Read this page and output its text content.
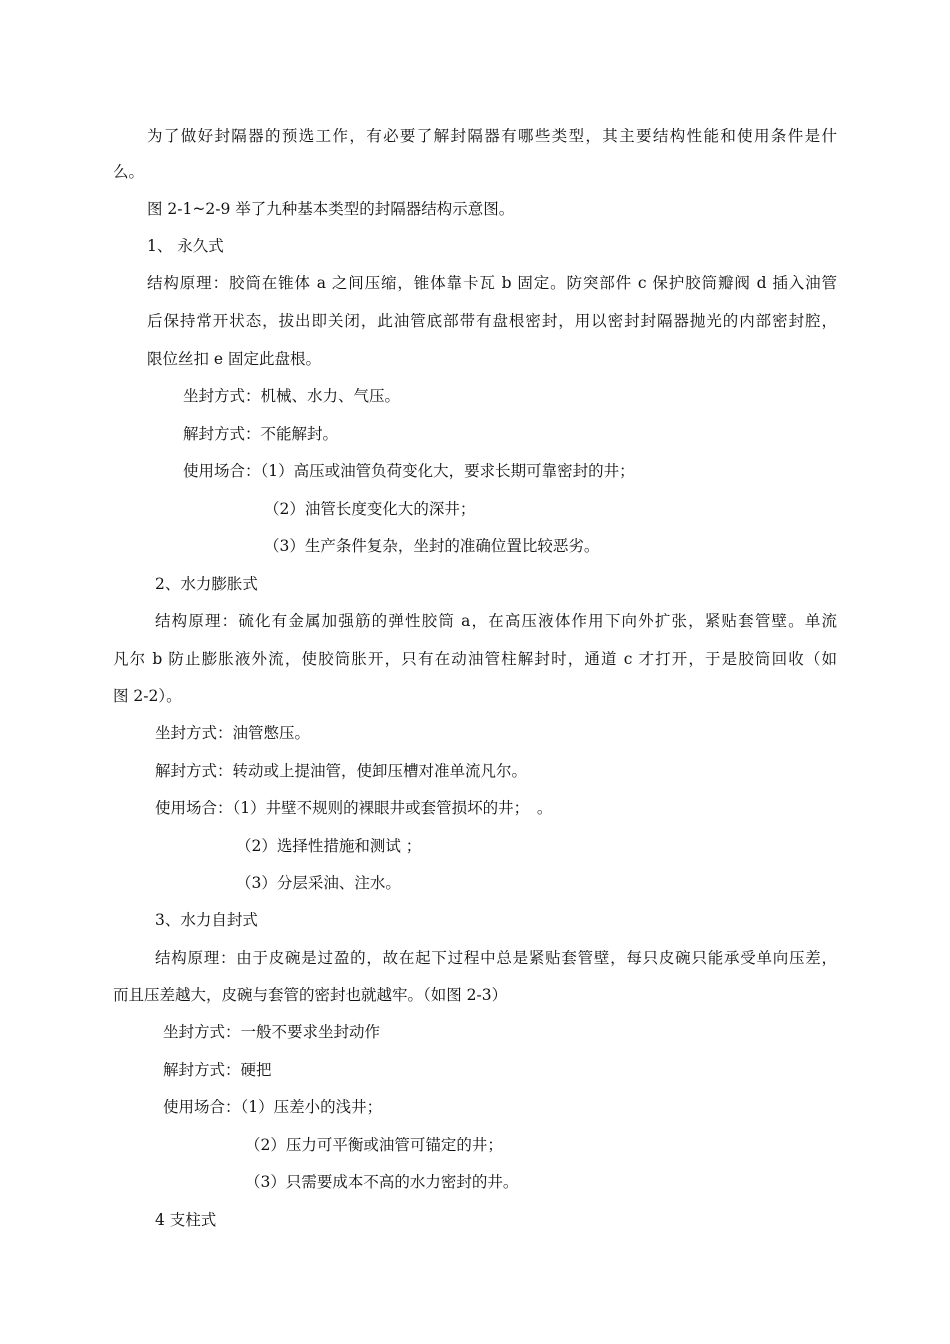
为了做好封隔器的预选工作，有必要了解封隔器有哪些类型，其主要结构性能和使用条件是什
么。
图 2-1~2-9 举了九种基本类型的封隔器结构示意图。
1、 永久式
结构原理：胶筒在锥体 a 之间压缩，锥体靠卡瓦 b 固定。防突部件 c 保护胶筒瓣阀 d 插入油管
后保持常开状态，拔出即关闭，此油管底部带有盘根密封，用以密封封隔器抛光的内部密封腔，
限位丝扣 e 固定此盘根。
坐封方式：机械、水力、气压。
解封方式：不能解封。
使用场合：（1）高压或油管负荷变化大，要求长期可靠密封的井；
（2）油管长度变化大的深井；
（3）生产条件复杂，坐封的准确位置比较恶劣。
2、水力膨胀式
结构原理：硫化有金属加强筋的弹性胶筒 a，在高压液体作用下向外扩张，紧贴套管壁。单流
凡尔 b 防止膨胀液外流，使胶筒胀开，只有在动油管柱解封时，通道 c 才打开，于是胶筒回收（如
图 2-2）。
坐封方式：油管憋压。
解封方式：转动或上提油管，使卸压槽对准单流凡尔。
使用场合：（1）井壁不规则的裸眼井或套管损坏的井；　。
（2）选择性措施和测试 ；
（3）分层采油、注水。
3、水力自封式
结构原理：由于皮碗是过盈的，故在起下过程中总是紧贴套管壁，每只皮碗只能承受单向压差，
而且压差越大，皮碗与套管的密封也就越牢。（如图 2-3）
坐封方式：一般不要求坐封动作
解封方式：硬把
使用场合：（1）压差小的浅井；
（2）压力可平衡或油管可锚定的井；
（3）只需要成本不高的水力密封的井。
4 支柱式
